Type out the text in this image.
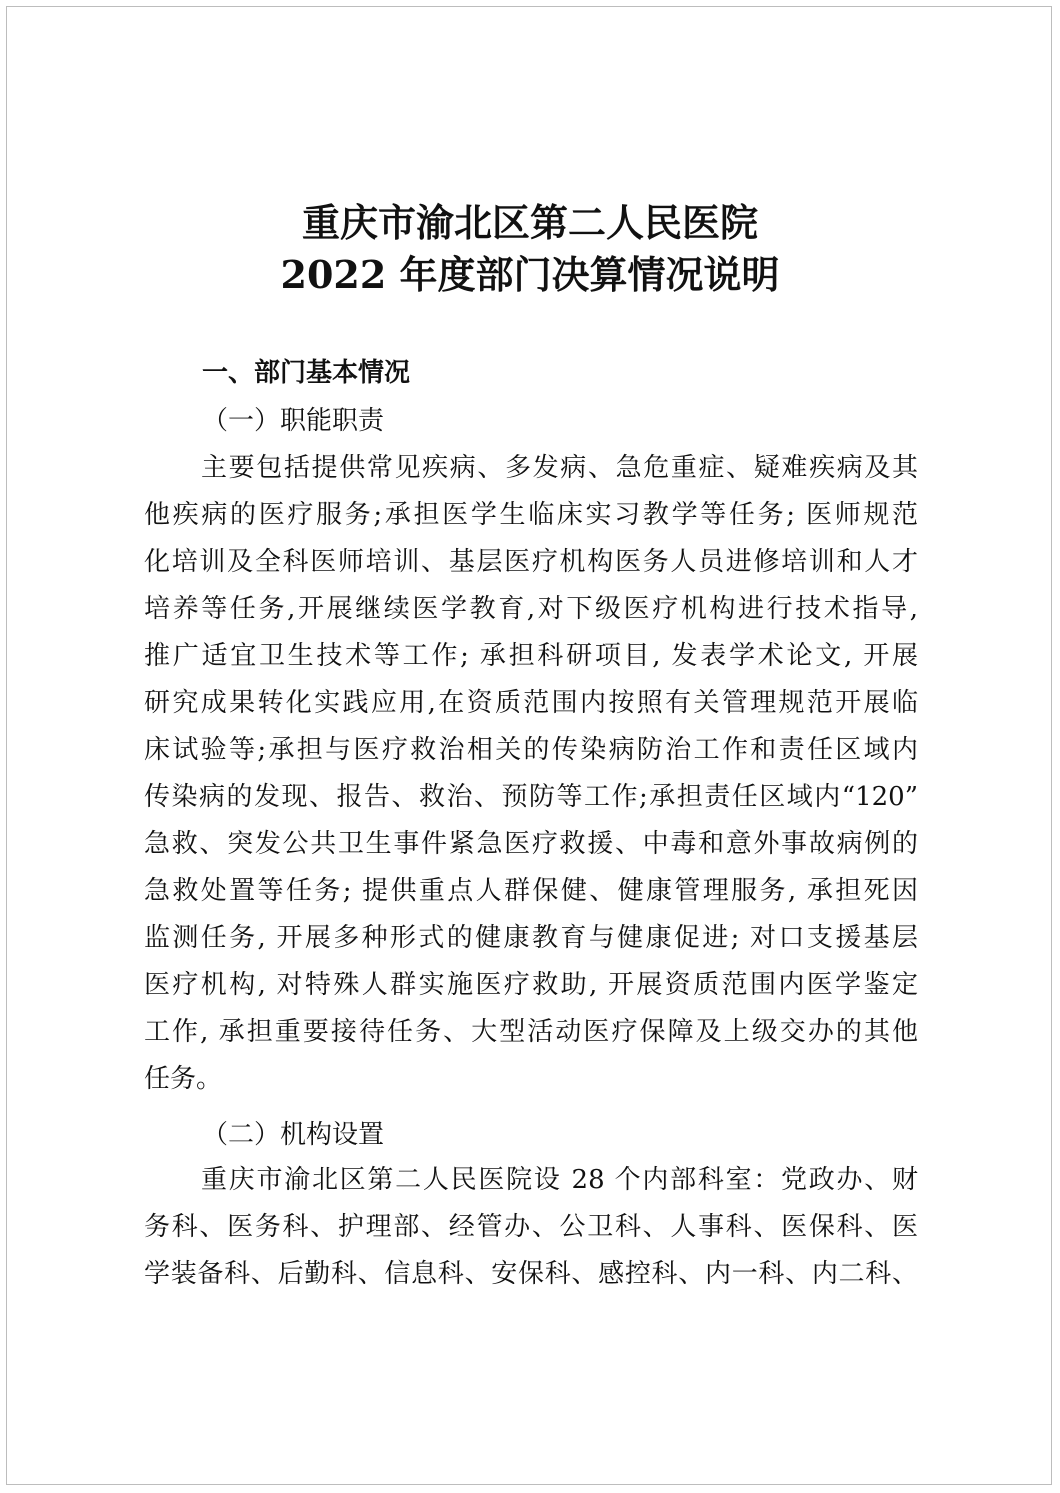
重庆市渝北区第二人民医院
2022 年度部门决算情况说明
一、部门基本情况
（一）职能职责
主要包括提供常见疾病、多发病、急危重症、疑难疾病及其
他疾病的医疗服务;承担医学生临床实习教学等任务; 医师规范
化培训及全科医师培训、基层医疗机构医务人员进修培训和人才
培养等任务,开展继续医学教育,对下级医疗机构进行技术指导,
推广适宜卫生技术等工作; 承担科研项目, 发表学术论文, 开展
研究成果转化实践应用,在资质范围内按照有关管理规范开展临
床试验等;承担与医疗救治相关的传染病防治工作和责任区域内
传染病的发现、报告、救治、预防等工作;承担责任区域内“120”
急救、突发公共卫生事件紧急医疗救援、中毒和意外事故病例的
急救处置等任务; 提供重点人群保健、健康管理服务, 承担死因
监测任务, 开展多种形式的健康教育与健康促进; 对口支援基层
医疗机构, 对特殊人群实施医疗救助, 开展资质范围内医学鉴定
工作, 承担重要接待任务、大型活动医疗保障及上级交办的其他
任务。
（二）机构设置
重庆市渝北区第二人民医院设 28 个内部科室：党政办、财
务科、医务科、护理部、经管办、公卫科、人事科、医保科、医
学装备科、后勤科、信息科、安保科、感控科、内一科、内二科、
